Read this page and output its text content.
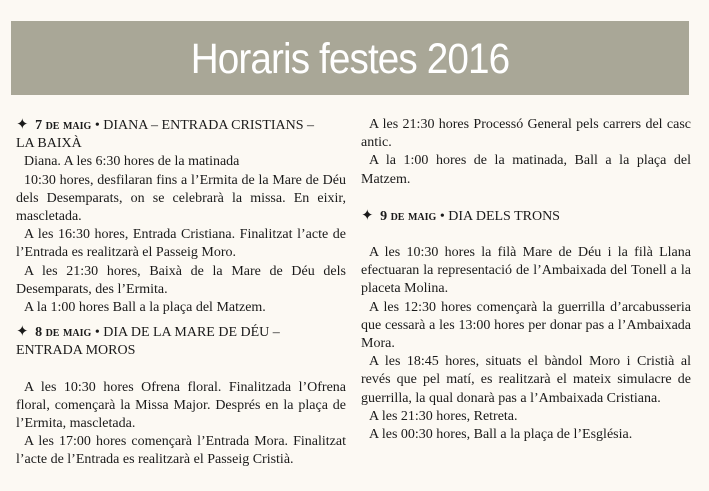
Horaris festes 2016
✦ 7 de maig • DIANA – ENTRADA CRISTIANS –
LA BAIXÀ

Diana. A les 6:30 hores de la matinada

10:30 hores, desfilaran fins a l’Ermita de la Mare de Déu dels Desemparats, on se celebrarà la missa. En eixir, mascletada.

A les 16:30 hores, Entrada Cristiana. Finalitzat l’acte de l’Entrada es realitzarà el Passeig Moro.

A les 21:30 hores, Baixà de la Mare de Déu dels Desemparats, des l’Ermita.

A la 1:00 hores Ball a la plaça del Matzem.

✦ 8 de maig • DIA DE LA MARE DE DÉU –
ENTRADA MOROS

A les 10:30 hores Ofrena floral. Finalitzada l’Ofrena floral, començarà la Missa Major. Després en la plaça de l’Ermita, mascletada.

A les 17:00 hores començarà l’Entrada Mora. Finalitzat l’acte de l’Entrada es realitzarà el Passeig Cristià.

A les 21:30 hores Processó General pels carrers del casc antic.

A la 1:00 hores de la matinada, Ball a la plaça del Matzem.

✦ 9 de maig • DIA DELS TRONS

A les 10:30 hores la filà Mare de Déu i la filà Llana efectuaran la representació de l’Ambaixada del Tonell a la placeta Molina.

A les 12:30 hores començarà la guerrilla d’arcabusseria que cessarà a les 13:00 hores per donar pas a l’Ambaixada Mora.

A les 18:45 hores, situats el bàndol Moro i Cristià al revés que pel matí, es realitzarà el mateix simulacre de guerrilla, la qual donarà pas a l’Ambaixada Cristiana.

A les 21:30 hores, Retreta.

A les 00:30 hores, Ball a la plaça de l’Església.
